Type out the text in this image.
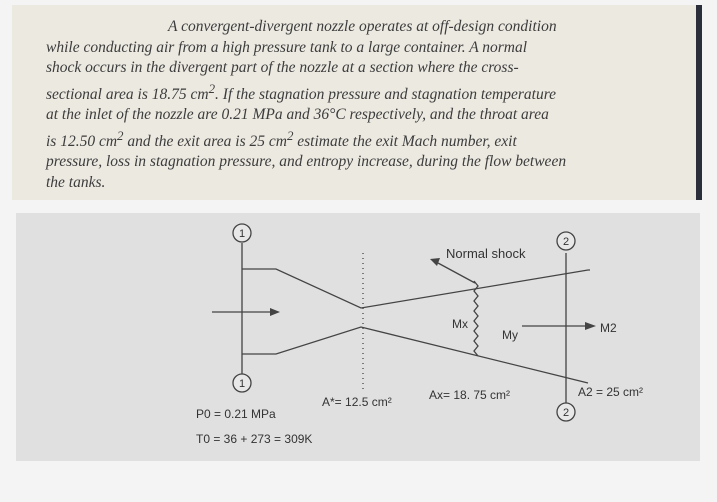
A convergent-divergent nozzle operates at off-design condition
while conducting air from a high pressure tank to a large container. A normal
shock occurs in the divergent part of the nozzle at a section where the cross-
sectional area is 18.75 $cm^2$. If the stagnation pressure and stagnation temperature
at the inlet of the nozzle are 0.21 MPa and 36°C respectively, and the throat area
is 12.50 $cm^2$ and the exit area is 25 $cm^2$ estimate the exit Mach number, exit
pressure, loss in stagnation pressure, and entropy increase, during the flow between
the tanks.

1
1
2
2
Normal shock
Mx
My	M2
A*= 12.5 cm²	Ax= 18. 75 cm²	A2 = 25 cm²
P0 = 0.21 MPa
T0 = 36 + 273 = 309K
